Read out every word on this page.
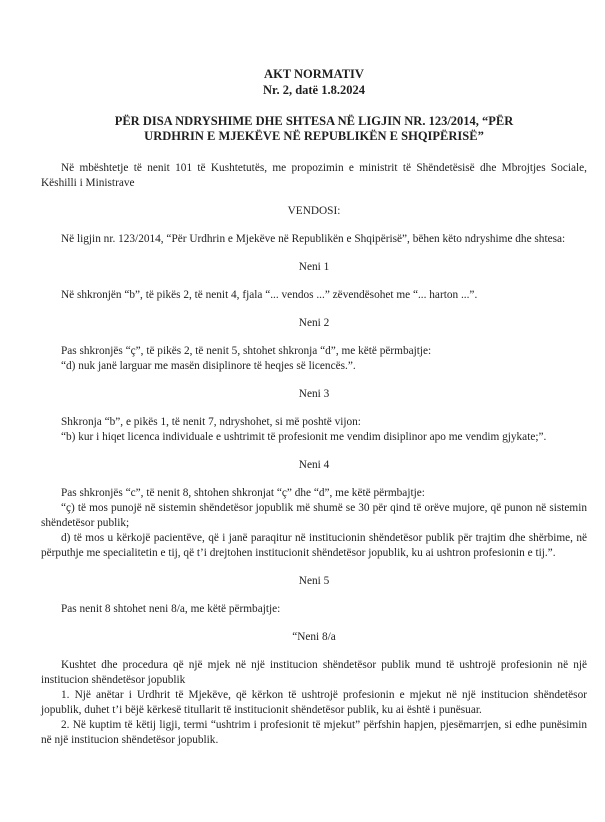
AKT NORMATIV
Nr. 2, datë 1.8.2024
PËR DISA NDRYSHIME DHE SHTESA NË LIGJIN NR. 123/2014, “PËR
URDHRIN E MJEKËVE NË REPUBLIKËN E SHQIPËRISË”

Në mbështetje të nenit 101 të Kushtetutës, me propozimin e ministrit të Shëndetësisë dhe Mbrojtjes Sociale, Këshilli i Ministrave

VENDOSI:

Në ligjin nr. 123/2014, “Për Urdhrin e Mjekëve në Republikën e Shqipërisë”, bëhen këto ndryshime dhe shtesa:

Neni 1

Në shkronjën “b”, të pikës 2, të nenit 4, fjala “... vendos ...” zëvendësohet me “... harton ...”.

Neni 2

Pas shkronjës “ç”, të pikës 2, të nenit 5, shtohet shkronja “d”, me këtë përmbajtje:

“d) nuk janë larguar me masën disiplinore të heqjes së licencës.”.

Neni 3

Shkronja “b”, e pikës 1, të nenit 7, ndryshohet, si më poshtë vijon:

“b) kur i hiqet licenca individuale e ushtrimit të profesionit me vendim disiplinor apo me vendim gjykate;”.

Neni 4

Pas shkronjës “c”, të nenit 8, shtohen shkronjat “ç” dhe “d”, me këtë përmbajtje:

“ç) të mos punojë në sistemin shëndetësor jopublik më shumë se 30 për qind të orëve mujore, që punon në sistemin shëndetësor publik;

d) të mos u kërkojë pacientëve, që i janë paraqitur në institucionin shëndetësor publik për trajtim dhe shërbime, në përputhje me specialitetin e tij, që t’i drejtohen institucionit shëndetësor jopublik, ku ai ushtron profesionin e tij.”.

Neni 5

Pas nenit 8 shtohet neni 8/a, me këtë përmbajtje:

“Neni 8/a

Kushtet dhe procedura që një mjek në një institucion shëndetësor publik mund të ushtrojë profesionin në një institucion shëndetësor jopublik

1. Një anëtar i Urdhrit të Mjekëve, që kërkon të ushtrojë profesionin e mjekut në një institucion shëndetësor jopublik, duhet t’i bëjë kërkesë titullarit të institucionit shëndetësor publik, ku ai është i punësuar.

2. Në kuptim të këtij ligji, termi “ushtrim i profesionit të mjekut” përfshin hapjen, pjesëmarrjen, si edhe punësimin në një institucion shëndetësor jopublik.
